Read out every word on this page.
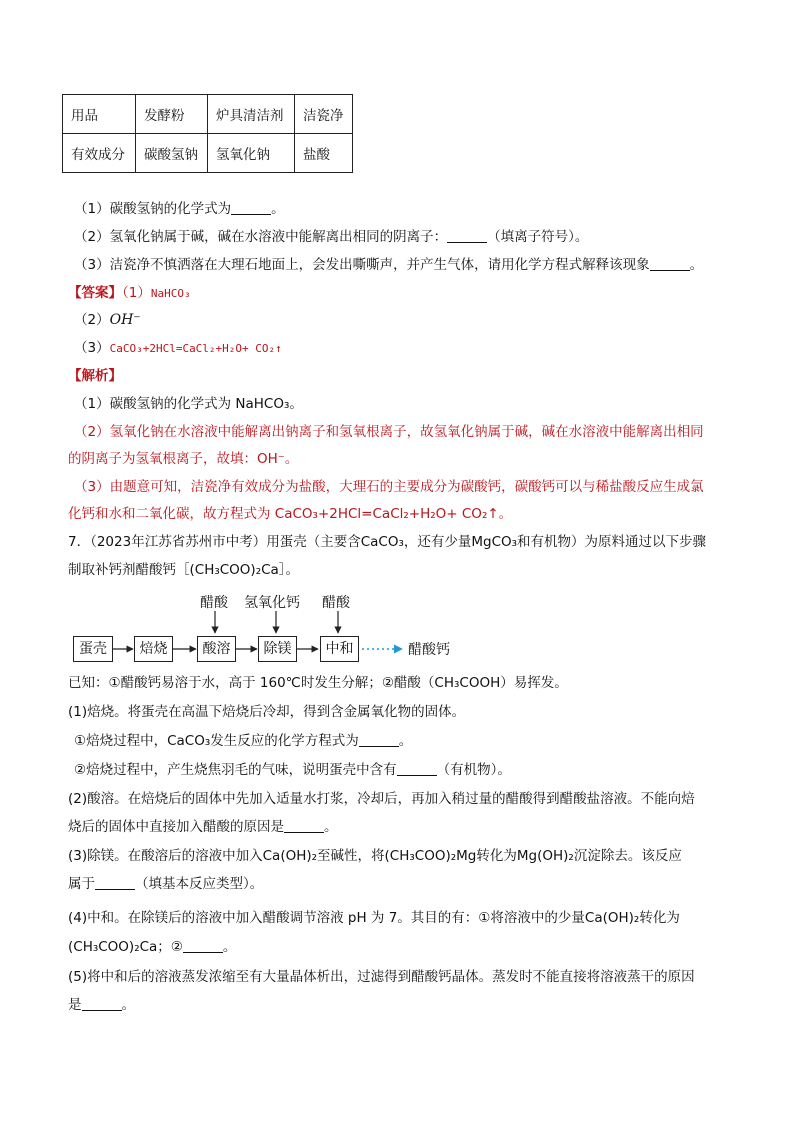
用品	发酵粉	炉具清洁剂	洁瓷净
有效成分	碳酸氢钠	氢氧化钠	盐酸
（1）碳酸氢钠的化学式为	。
（2）氢氧化钠属于碱，碱在水溶液中能解离出相同的阴离子：	（填离子符号）。
（3）洁瓷净不慎洒落在大理石地面上，会发出嘶嘶声，并产生气体，请用化学方程式解释该现象	。
【答案】（1）NaHCO₃
（2）OH⁻
（3）CaCO₃+2HCl=CaCl₂+H₂O+ CO₂↑
【解析】
（1）碳酸氢钠的化学式为 NaHCO₃。
（2）氢氧化钠在水溶液中能解离出钠离子和氢氧根离子，故氢氧化钠属于碱，碱在水溶液中能解离出相同
的阴离子为氢氧根离子，故填：OH⁻。
（3）由题意可知，洁瓷净有效成分为盐酸，大理石的主要成分为碳酸钙，碳酸钙可以与稀盐酸反应生成氯
化钙和水和二氧化碳，故方程式为 CaCO₃+2HCl=CaCl₂+H₂O+ CO₂↑。
7．（2023年江苏省苏州市中考）用蛋壳（主要含CaCO₃，还有少量MgCO₃和有机物）为原料通过以下步骤
制取补钙剂醋酸钙［(CH₃COO)₂Ca］。
蛋壳	焙烧	酸溶	除镁	中和
醋酸 氢氧化钙 醋酸
醋酸钙
已知：①醋酸钙易溶于水，高于 160℃时发生分解；②醋酸（CH₃COOH）易挥发。
(1)焙烧。将蛋壳在高温下焙烧后冷却，得到含金属氧化物的固体。
①焙烧过程中，CaCO₃发生反应的化学方程式为	。
②焙烧过程中，产生烧焦羽毛的气味，说明蛋壳中含有	（有机物）。
(2)酸溶。在焙烧后的固体中先加入适量水打浆，冷却后，再加入稍过量的醋酸得到醋酸盐溶液。不能向焙
烧后的固体中直接加入醋酸的原因是	。
(3)除镁。在酸溶后的溶液中加入Ca(OH)₂至碱性，将(CH₃COO)₂Mg转化为Mg(OH)₂沉淀除去。该反应
属于	（填基本反应类型）。
(4)中和。在除镁后的溶液中加入醋酸调节溶液 pH 为 7。其目的有：①将溶液中的少量Ca(OH)₂转化为
(CH₃COO)₂Ca；②	。
(5)将中和后的溶液蒸发浓缩至有大量晶体析出，过滤得到醋酸钙晶体。蒸发时不能直接将溶液蒸干的原因
是	。
